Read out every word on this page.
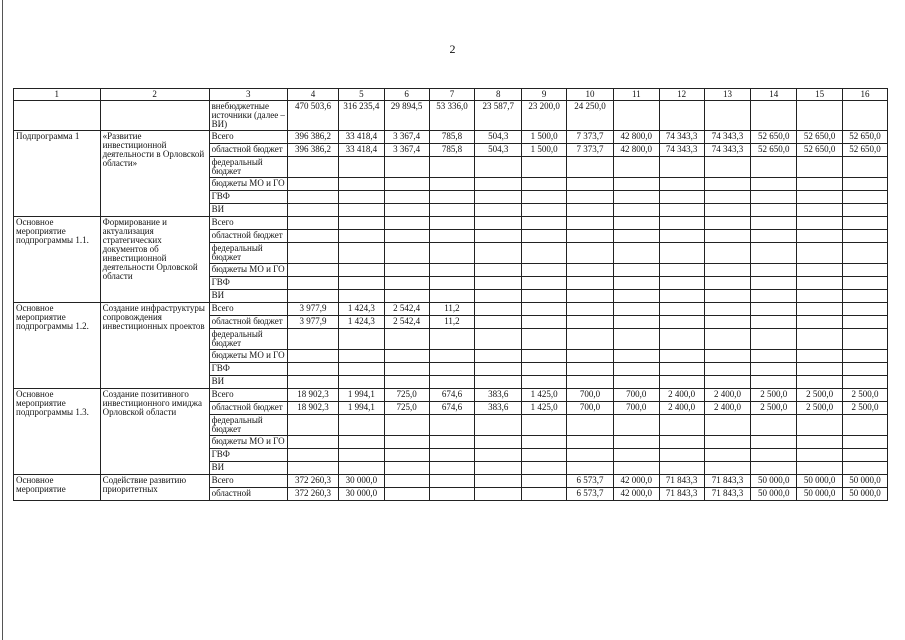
2
1	2	3	4	5	6	7	8	9	10	11	12	13	14	15	16
		внебюджетные источники (далее – ВИ)	470 503,6	316 235,4	29 894,5	53 336,0	23 587,7	23 200,0	24 250,0						
Подпрограмма 1	«Развитие инвестиционной деятельности в Орловской области»	Всего	396 386,2	33 418,4	3 367,4	785,8	504,3	1 500,0	7 373,7	42 800,0	74 343,3	74 343,3	52 650,0	52 650,0	52 650,0
		областной бюджет	396 386,2	33 418,4	3 367,4	785,8	504,3	1 500,0	7 373,7	42 800,0	74 343,3	74 343,3	52 650,0	52 650,0	52 650,0
		федеральный бюджет													
		бюджеты МО и ГО													
		ГВФ													
		ВИ													
Основное мероприятие подпрограммы 1.1.	Формирование и актуализация стратегических документов об инвестиционной деятельности Орловской области	Всего													
		областной бюджет													
		федеральный бюджет													
		бюджеты МО и ГО													
		ГВФ													
		ВИ													
Основное мероприятие подпрограммы 1.2.	Создание инфраструктуры сопровождения инвестиционных проектов	Всего	3 977,9	1 424,3	2 542,4	11,2									
		областной бюджет	3 977,9	1 424,3	2 542,4	11,2									
		федеральный бюджет													
		бюджеты МО и ГО													
		ГВФ													
		ВИ													
Основное мероприятие подпрограммы 1.3.	Создание позитивного инвестиционного имиджа Орловской области	Всего	18 902,3	1 994,1	725,0	674,6	383,6	1 425,0	700,0	700,0	2 400,0	2 400,0	2 500,0	2 500,0	2 500,0
		областной бюджет	18 902,3	1 994,1	725,0	674,6	383,6	1 425,0	700,0	700,0	2 400,0	2 400,0	2 500,0	2 500,0	2 500,0
		федеральный бюджет													
		бюджеты МО и ГО													
		ГВФ													
		ВИ													
Основное мероприятие	Содействие развитию приоритетных	Всего	372 260,3	30 000,0					6 573,7	42 000,0	71 843,3	71 843,3	50 000,0	50 000,0	50 000,0
		областной	372 260,3	30 000,0					6 573,7	42 000,0	71 843,3	71 843,3	50 000,0	50 000,0	50 000,0
